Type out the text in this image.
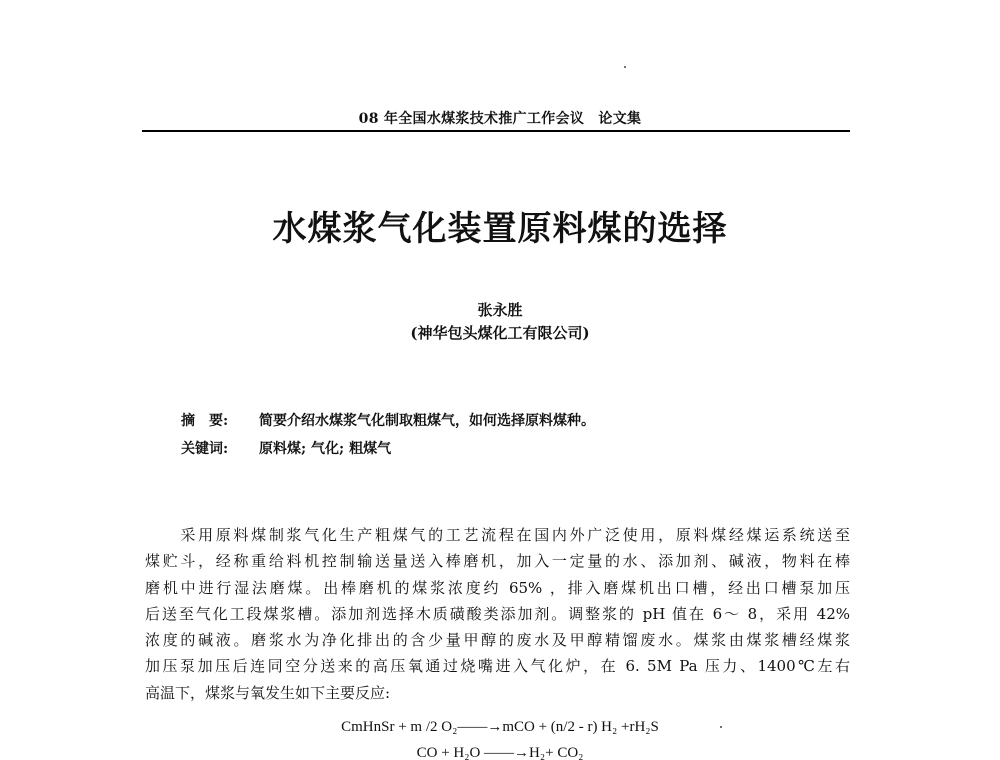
08 年全国水煤浆技术推广工作会议　论文集
水煤浆气化装置原料煤的选择
张永胜
(神华包头煤化工有限公司)
摘　要: 简要介绍水煤浆气化制取粗煤气，如何选择原料煤种。
关键词: 原料煤; 气化; 粗煤气
　　采用原料煤制浆气化生产粗煤气的工艺流程在国内外广泛使用，原料煤经煤运系统送至
煤贮斗，经称重给料机控制输送量送入棒磨机，加入一定量的水、添加剂、碱液，物料在棒
磨机中进行湿法磨煤。出棒磨机的煤浆浓度约 65% ，排入磨煤机出口槽，经出口槽泵加压
后送至气化工段煤浆槽。添加剂选择木质磺酸类添加剂。调整浆的 pH 值在 6～ 8，采用 42%
浓度的碱液。磨浆水为净化排出的含少量甲醇的废水及甲醇精馏废水。煤浆由煤浆槽经煤浆
加压泵加压后连同空分送来的高压氧通过烧嘴进入气化炉，在 6. 5M Pa 压力、1400℃左右
高温下，煤浆与氧发生如下主要反应:
CmHnSr + m /2 O₂——→mCO + (n/2 - r) H₂ +rH₂S
CO + H₂O ——→H₂+ CO₂
